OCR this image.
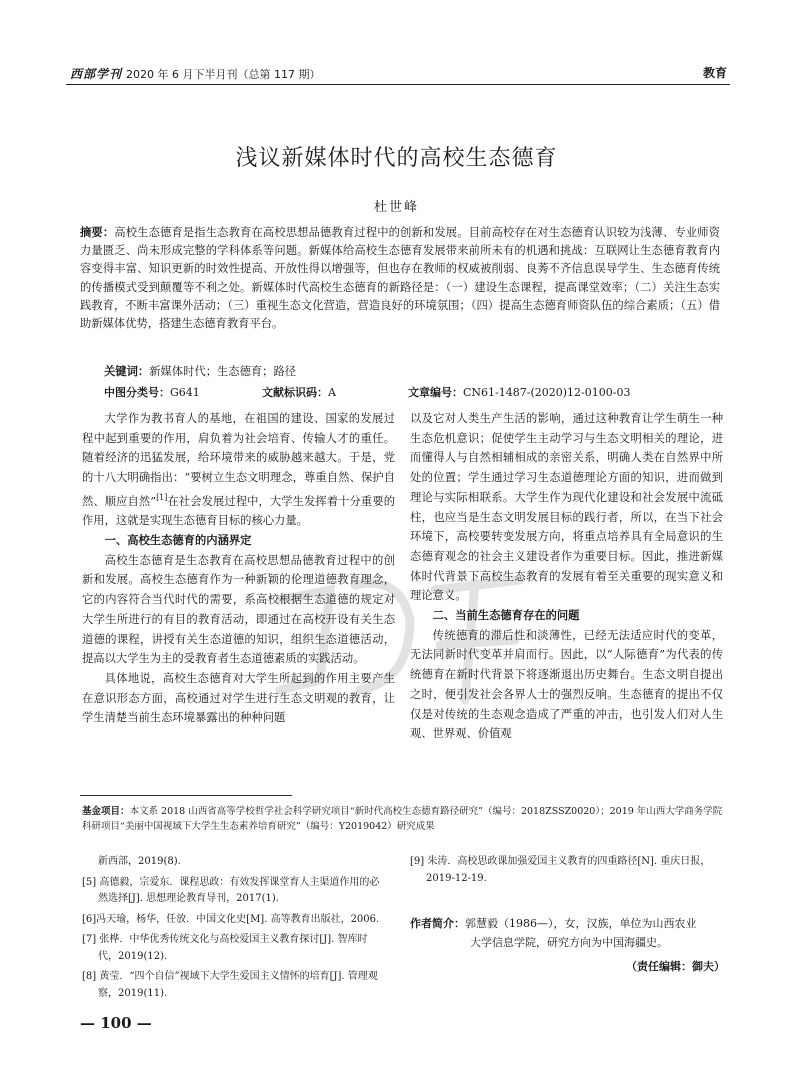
西部学刊 2020 年 6 月下半月刊（总第 117 期）	教育
浅议新媒体时代的高校生态德育
杜世峰
摘要：高校生态德育是指生态教育在高校思想品德教育过程中的创新和发展。目前高校存在对生态德育认识较为浅薄、专业师资力量匮乏、尚未形成完整的学科体系等问题。新媒体给高校生态德育发展带来前所未有的机遇和挑战：互联网让生态德育教育内容变得丰富、知识更新的时效性提高、开放性得以增强等，但也存在教师的权威被削弱、良莠不齐信息误导学生、生态德育传统的传播模式受到颠覆等不利之处。新媒体时代高校生态德育的新路径是：（一）建设生态课程，提高课堂效率；（二）关注生态实践教育，不断丰富课外活动；（三）重视生态文化营造，营造良好的环境氛围；（四）提高生态德育师资队伍的综合素质；（五）借助新媒体优势，搭建生态德育教育平台。
关键词：新媒体时代；生态德育；路径
中图分类号：G641	文献标识码：A	文章编号：CN61-1487-(2020)12-0100-03

大学作为教书育人的基地，在祖国的建设、国家的发展过程中起到重要的作用，肩负着为社会培育、传输人才的重任。随着经济的迅猛发展，给环境带来的威胁越来越大。于是，党的十八大明确指出：“要树立生态文明理念，尊重自然、保护自然、顺应自然”[1]在社会发展过程中，大学生发挥着十分重要的作用，这就是实现生态德育目标的核心力量。

一、高校生态德育的内涵界定

高校生态德育是生态教育在高校思想品德教育过程中的创新和发展。高校生态德育作为一种新颖的伦理道德教育理念，它的内容符合当代时代的需要，系高校根据生态道德的规定对大学生所进行的有目的教育活动，即通过在高校开设有关生态道德的课程，讲授有关生态道德的知识，组织生态道德活动，提高以大学生为主的受教育者生态道德素质的实践活动。

具体地说，高校生态德育对大学生所起到的作用主要产生在意识形态方面，高校通过对学生进行生态文明观的教育，让学生清楚当前生态环境暴露出的种种问题

以及它对人类生产生活的影响，通过这种教育让学生萌生一种生态危机意识；促使学生主动学习与生态文明相关的理论，进而懂得人与自然相辅相成的亲密关系，明确人类在自然界中所处的位置；学生通过学习生态道德理论方面的知识，进而做到理论与实际相联系。大学生作为现代化建设和社会发展中流砥柱，也应当是生态文明发展目标的践行者，所以，在当下社会环境下，高校要转变发展方向，将重点培养具有全局意识的生态德育观念的社会主义建设者作为重要目标。因此，推进新媒体时代背景下高校生态教育的发展有着至关重要的现实意义和理论意义。

二、当前生态德育存在的问题

传统德育的滞后性和淡薄性，已经无法适应时代的变革，无法同新时代变革并肩而行。因此，以“人际德育”为代表的传统德育在新时代背景下将逐渐退出历史舞台。生态文明自提出之时，便引发社会各界人士的强烈反响。生态德育的提出不仅仅是对传统的生态观念造成了严重的冲击，也引发人们对人生观、世界观、价值观

基金项目：本文系 2018 山西省高等学校哲学社会科学研究项目“新时代高校生态德育路径研究”（编号：2018ZSSZ0020）；2019 年山西大学商务学院科研项目“美丽中国视域下大学生生态素养培育研究”（编号：Y2019042）研究成果
新西部，2019(8).
[5] 高德毅，宗爱东．课程思政：有效发挥课堂育人主渠道作用的必然选择[J]. 思想理论教育导刊，2017(1).
[6]冯天瑜，杨华，任放．中国文化史[M]. 高等教育出版社，2006.
[7] 张桦．中华优秀传统文化与高校爱国主义教育探讨[J]. 智库时代，2019(12).
[8] 黄莹．“四个自信”视域下大学生爱国主义情怀的培育[J]. 管理观察，2019(11).
[9] 朱涛．高校思政课加强爱国主义教育的四重路径[N]. 重庆日报，2019-12-19.
作者简介：郭慧毅（1986—），女，汉族，单位为山西农业
大学信息学院，研究方向为中国海疆史。
（责任编辑：御夫）
— 100 —
